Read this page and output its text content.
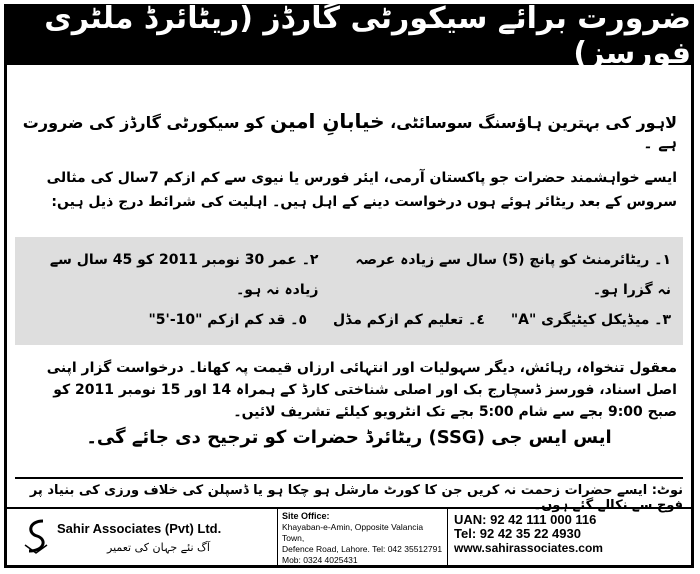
ضرورت برائے سیکورٹی گارڈز (ریٹائرڈ ملٹری فورسز)
لاہور کی بہترین ہاؤسنگ سوسائٹی، خیابانِ امین کو سیکورٹی گارڈز کی ضرورت ہے ۔
ایسے خواہشمند حضرات جو پاکستان آرمی، ایئر فورس یا نیوی سے کم ازکم 7سال کی مثالی سروس کے بعد ریٹائر ہوئے ہوں درخواست دینے کے اہل ہیں۔ اہلیت کی شرائط درج ذیل ہیں:
١۔ ریٹائرمنٹ کو پانچ (5) سال سے زیادہ عرصہ نہ گزرا ہو۔
٢۔ عمر 30 نومبر 2011 کو 45 سال سے زیادہ نہ ہو۔
٣۔ میڈیکل کیٹیگری "A"
٤۔ تعلیم کم ازکم مڈل
٥۔ قد کم ازکم "10-'5"
معقول تنخواہ، رہائش، دیگر سہولیات اور انتہائی ارزاں قیمت پہ کھانا۔ درخواست گزار اپنی اصل اسناد، فورسز ڈسچارج بک اور اصلی شناختی کارڈ کے ہمراہ 14 اور 15 نومبر 2011 کو صبح 9:00 بجے سے شام 5:00 بجے تک انٹرویو کیلئے تشریف لائیں۔
ایس ایس جی (SSG) ریٹائرڈ حضرات کو ترجیح دی جائے گی۔
نوٹ: ایسے حضرات زحمت نہ کریں جن کا کورٹ مارشل ہو چکا ہو یا ڈسپلن کی خلاف ورزی کی بنیاد پر فوج سے نکالے گئے ہوں۔
Sahir Associates (Pvt) Ltd.
آگ نئے جہان کی تعمیر
Site Office:
Khayaban-e-Amin, Opposite Valancia Town,
Defence Road, Lahore. Tel: 042 35512791
Mob: 0324 4025431
UAN: 92 42 111 000 116
Tel: 92 42 35 22 4930
www.sahirassociates.com
